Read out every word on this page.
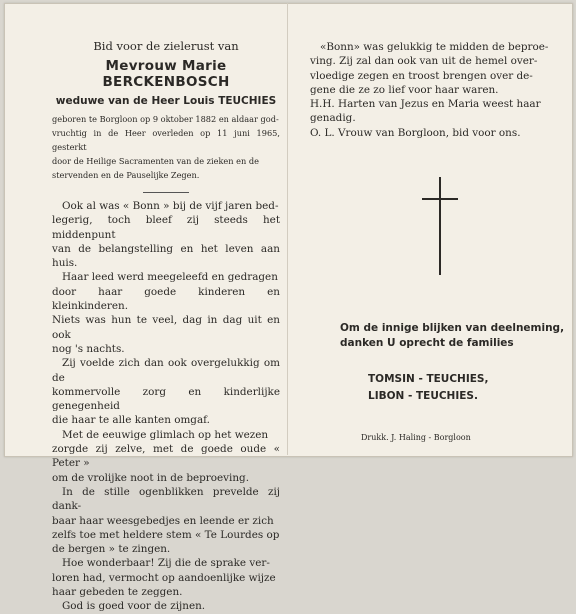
Bid voor de zielerust van
Mevrouw Marie BERCKENBOSCH
weduwe van de Heer Louis TEUCHIES
geboren te Borgloon op 9 oktober 1882 en aldaar god-
vruchtig in de Heer overleden op 11 juni 1965, gesterkt
door de Heilige Sacramenten van de zieken en de
stervenden en de Pauselijke Zegen.

Ook al was « Bonn » bij de vijf jaren bed-
legerig, toch bleef zij steeds het middenpunt
van de belangstelling en het leven aan huis.

Haar leed werd meegeleefd en gedragen
door haar goede kinderen en kleinkinderen.
Niets was hun te veel, dag in dag uit en ook
nog 's nachts.

Zij voelde zich dan ook overgelukkig om de
kommervolle zorg en kinderlijke genegenheid
die haar te alle kanten omgaf.

Met de eeuwige glimlach op het wezen
zorgde zij zelve, met de goede oude « Peter »
om de vrolijke noot in de beproeving.

In de stille ogenblikken prevelde zij dank-
baar haar weesgebedjes en leende er zich
zelfs toe met heldere stem « Te Lourdes op
de bergen » te zingen.

Hoe wonderbaar! Zij die de sprake ver-
loren had, vermocht op aandoenlijke wijze
haar gebeden te zeggen.

God is goed voor de zijnen.

«Bonn» was gelukkig te midden de beproe-
ving. Zij zal dan ook van uit de hemel over-
vloedige zegen en troost brengen over de-
gene die ze zo lief voor haar waren.

H.H. Harten van Jezus en Maria weest haar
genadig.

O. L. Vrouw van Borgloon, bid voor ons.

Om de innige blijken van deelneming,
danken U oprecht de families
TOMSIN - TEUCHIES,
LIBON - TEUCHIES.
Drukk. J. Haling - Borgloon
